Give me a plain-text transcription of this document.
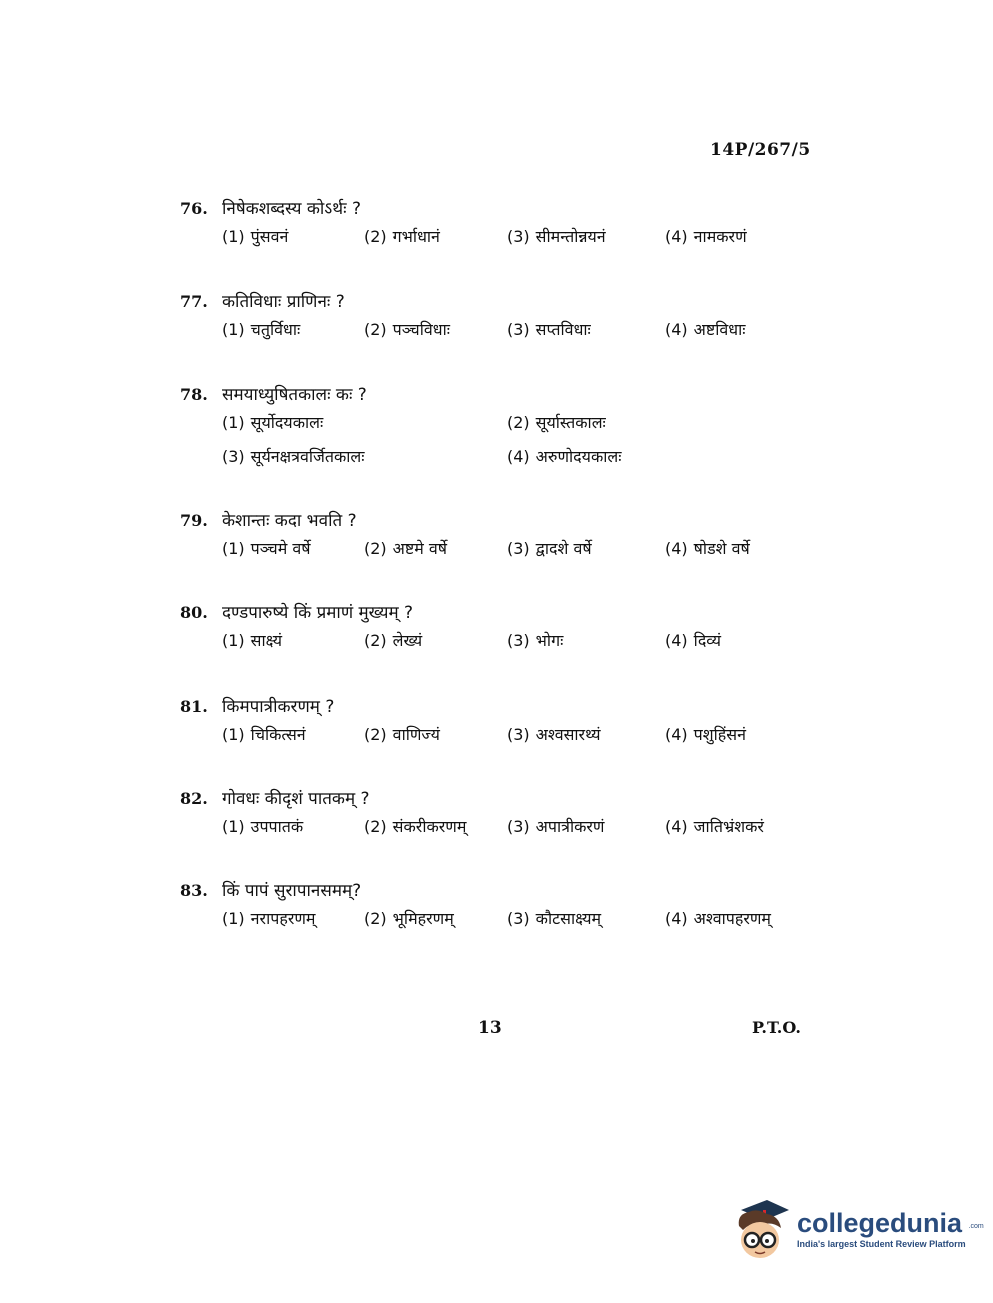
14P/267/5
76. निषेकशब्दस्य कोऽर्थः ?
(1) पुंसवनं	(2) गर्भाधानं	(3) सीमन्तोन्नयनं	(4) नामकरणं
77. कतिविधाः प्राणिनः ?
(1) चतुर्विधाः	(2) पञ्चविधाः	(3) सप्तविधाः	(4) अष्टविधाः
78. समयाध्युषितकालः कः ?
(1) सूर्योदयकालः	(2) सूर्यास्तकालः
(3) सूर्यनक्षत्रवर्जितकालः	(4) अरुणोदयकालः
79. केशान्तः कदा भवति ?
(1) पञ्चमे वर्षे	(2) अष्टमे वर्षे	(3) द्वादशे वर्षे	(4) षोडशे वर्षे
80. दण्डपारुष्ये किं प्रमाणं मुख्यम् ?
(1) साक्ष्यं	(2) लेख्यं	(3) भोगः	(4) दिव्यं
81. किमपात्रीकरणम् ?
(1) चिकित्सनं	(2) वाणिज्यं	(3) अश्वसारथ्यं	(4) पशुहिंसनं
82. गोवधः कीदृशं पातकम् ?
(1) उपपातकं	(2) संकरीकरणम्	(3) अपात्रीकरणं	(4) जातिभ्रंशकरं
83. किं पापं सुरापानसमम्?
(1) नरापहरणम्	(2) भूमिहरणम्	(3) कौटसाक्ष्यम्	(4) अश्वापहरणम्
13	P.T.O.
collegedunia .com
India's largest Student Review Platform
